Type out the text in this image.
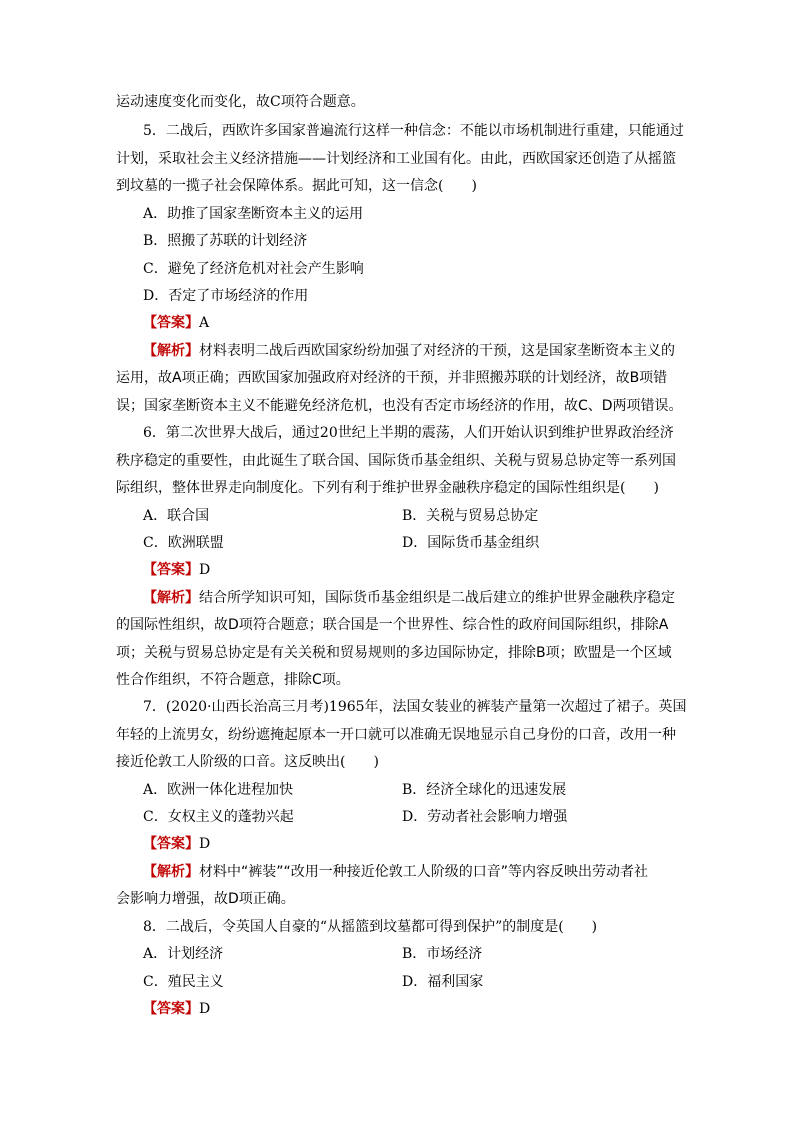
运动速度变化而变化，故C项符合题意。
5．二战后，西欧许多国家普遍流行这样一种信念：不能以市场机制进行重建，只能通过
计划，采取社会主义经济措施——计划经济和工业国有化。由此，西欧国家还创造了从摇篮
到坟墓的一揽子社会保障体系。据此可知，这一信念(　　)
A．助推了国家垄断资本主义的运用
B．照搬了苏联的计划经济
C．避免了经济危机对社会产生影响
D．否定了市场经济的作用
【答案】A
【解析】材料表明二战后西欧国家纷纷加强了对经济的干预，这是国家垄断资本主义的
运用，故A项正确；西欧国家加强政府对经济的干预，并非照搬苏联的计划经济，故B项错
误；国家垄断资本主义不能避免经济危机，也没有否定市场经济的作用，故C、D两项错误。
6．第二次世界大战后，通过20世纪上半期的震荡，人们开始认识到维护世界政治经济
秩序稳定的重要性，由此诞生了联合国、国际货币基金组织、关税与贸易总协定等一系列国
际组织，整体世界走向制度化。下列有利于维护世界金融秩序稳定的国际性组织是(　　)
A．联合国	B．关税与贸易总协定
C．欧洲联盟	D．国际货币基金组织
【答案】D
【解析】结合所学知识可知，国际货币基金组织是二战后建立的维护世界金融秩序稳定
的国际性组织，故D项符合题意；联合国是一个世界性、综合性的政府间国际组织，排除A
项；关税与贸易总协定是有关关税和贸易规则的多边国际协定，排除B项；欧盟是一个区域
性合作组织，不符合题意，排除C项。
7．(2020·山西长治高三月考)1965年，法国女装业的裤装产量第一次超过了裙子。英国
年轻的上流男女，纷纷遮掩起原本一开口就可以准确无误地显示自己身份的口音，改用一种
接近伦敦工人阶级的口音。这反映出(　　)
A．欧洲一体化进程加快	B．经济全球化的迅速发展
C．女权主义的蓬勃兴起	D．劳动者社会影响力增强
【答案】D
【解析】材料中“裤装”“改用一种接近伦敦工人阶级的口音”等内容反映出劳动者社
会影响力增强，故D项正确。
8．二战后，令英国人自豪的“从摇篮到坟墓都可得到保护”的制度是(　　)
A．计划经济	B．市场经济
C．殖民主义	D．福利国家
【答案】D
